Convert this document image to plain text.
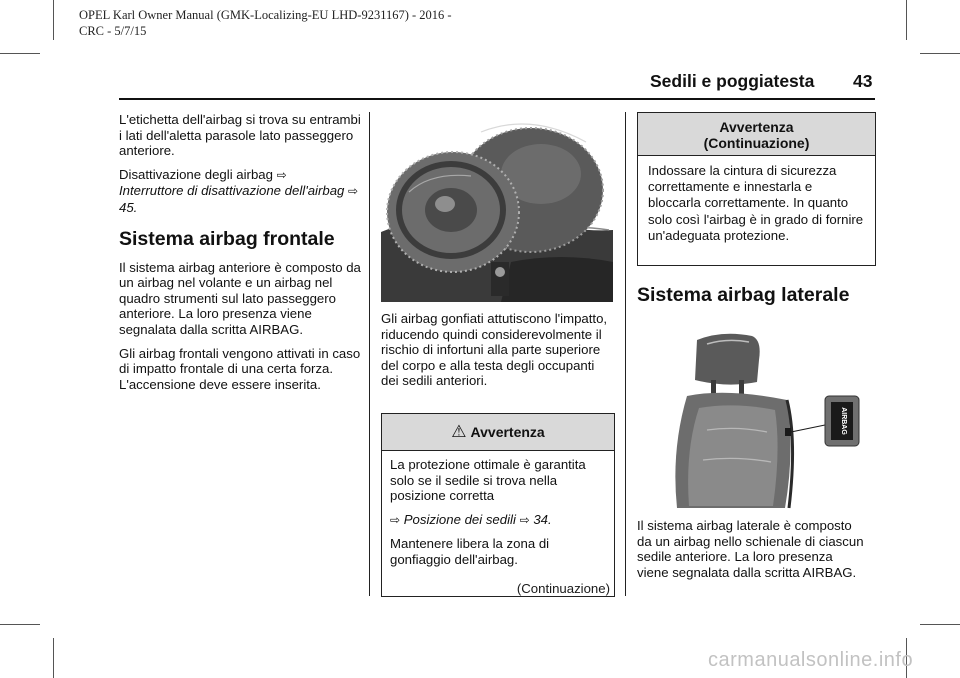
OPEL Karl Owner Manual (GMK-Localizing-EU LHD-9231167) - 2016 -
CRC - 5/7/15
Sedili e poggiatesta 43

L'etichetta dell'airbag si trova su entrambi i lati dell'aletta parasole lato passeggero anteriore.

Disattivazione degli airbag ⇨

Interruttore di disattivazione dell'airbag ⇨ 45.

Sistema airbag frontale

Il sistema airbag anteriore è composto da un airbag nel volante e un airbag nel quadro strumenti sul lato passeggero anteriore. La loro presenza viene segnalata dalla scritta AIRBAG.

Gli airbag frontali vengono attivati in caso di impatto frontale di una certa forza. L'accensione deve essere inserita.

Gli airbag gonfiati attutiscono l'impatto, riducendo quindi considerevolmente il rischio di infortuni alla parte superiore del corpo e alla testa degli occupanti dei sedili anteriori.
⚠ Avvertenza

La protezione ottimale è garantita solo se il sedile si trova nella posizione corretta

⇨ Posizione dei sedili ⇨ 34.

Mantenere libera la zona di gonfiaggio dell'airbag.

(Continuazione)
Avvertenza
(Continuazione)
Indossare la cintura di sicurezza correttamente e innestarla e bloccarla correttamente. In quanto solo così l'airbag è in grado di fornire un'adeguata protezione.
Sistema airbag laterale
AIRBAG
Il sistema airbag laterale è composto da un airbag nello schienale di ciascun sedile anteriore. La loro presenza viene segnalata dalla scritta AIRBAG.
carmanualsonline.info
